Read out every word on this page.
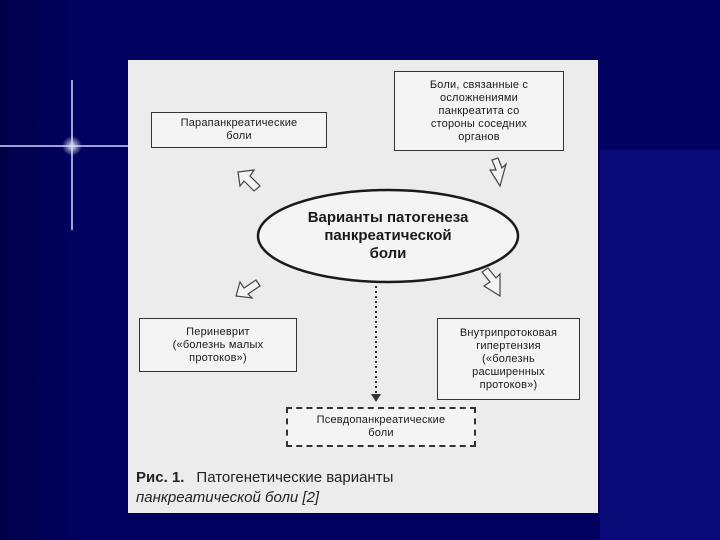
Парапанкреатические
боли
Боли, связанные с
осложнениями
панкреатита со
стороны соседних
органов
Варианты патогенеза
панкреатической
боли
Периневрит
(«болезнь малых
протоков»)
Внутрипротоковая
гипертензия
(«болезнь
расширенных
протоков»)
Псевдопанкреатические
боли
Рис. 1. Патогенетические варианты
панкреатической боли [2]
